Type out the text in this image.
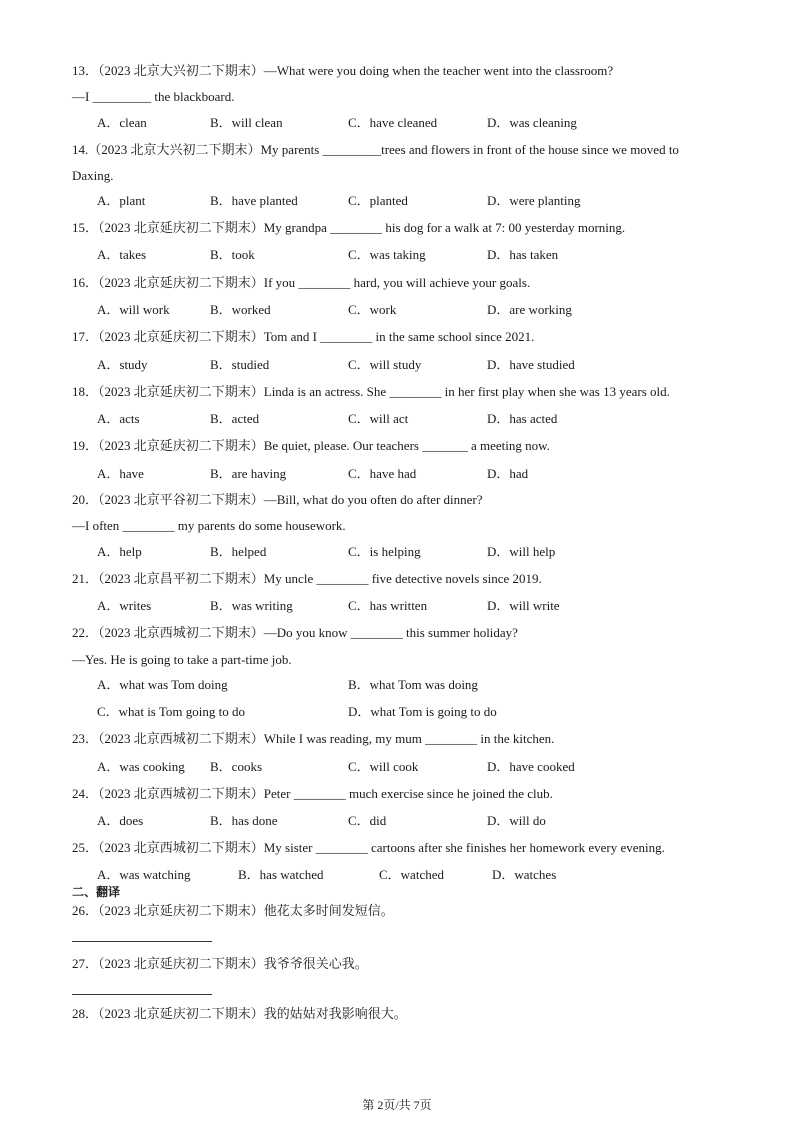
13．（2023 北京大兴初二下期末）—What were you doing when the teacher went into the classroom?
—I _________ the blackboard.
A．clean	B．will clean	C．have cleaned	D．was cleaning
14.（2023 北京大兴初二下期末）My parents _________trees and flowers in front of the house since we moved to
Daxing.
A．plant	B．have planted	C．planted	D．were planting
15．（2023 北京延庆初二下期末）My grandpa ________ his dog for a walk at 7: 00 yesterday morning.
A．takes	B．took	C．was taking	D．has taken
16．（2023 北京延庆初二下期末）If you ________ hard, you will achieve your goals.
A．will work	B．worked	C．work	D．are working
17．（2023 北京延庆初二下期末）Tom and I ________ in the same school since 2021.
A．study	B．studied	C．will study	D．have studied
18．（2023 北京延庆初二下期末）Linda is an actress. She ________ in her first play when she was 13 years old.
A．acts	B．acted	C．will act	D．has acted
19．（2023 北京延庆初二下期末）Be quiet, please. Our teachers _______ a meeting now.
A．have	B．are having	C．have had	D．had
20．（2023 北京平谷初二下期末）—Bill, what do you often do after dinner?
—I often ________ my parents do some housework.
A．help	B．helped	C．is helping	D．will help
21．（2023 北京昌平初二下期末）My uncle ________ five detective novels since 2019.
A．writes	B．was writing	C．has written	D．will write
22．（2023 北京西城初二下期末）—Do you know ________ this summer holiday?
—Yes. He is going to take a part-time job.
A．what was Tom doing	B．what Tom was doing
C．what is Tom going to do	D．what Tom is going to do
23．（2023 北京西城初二下期末）While I was reading, my mum ________ in the kitchen.
A．was cooking B．cooks	C．will cook	D．have cooked
24．（2023 北京西城初二下期末）Peter ________ much exercise since he joined the club.
A．does	B．has done	C．did	D．will do
25．（2023 北京西城初二下期末）My sister ________ cartoons after she finishes her homework every evening.
A．was watching	B．has watched	C．watched	D．watches
二、翻译
26．（2023 北京延庆初二下期末）他花太多时间发短信。
27．（2023 北京延庆初二下期末）我爷爷很关心我。
28．（2023 北京延庆初二下期末）我的姑姑对我影响很大。
第 2页/共 7页
